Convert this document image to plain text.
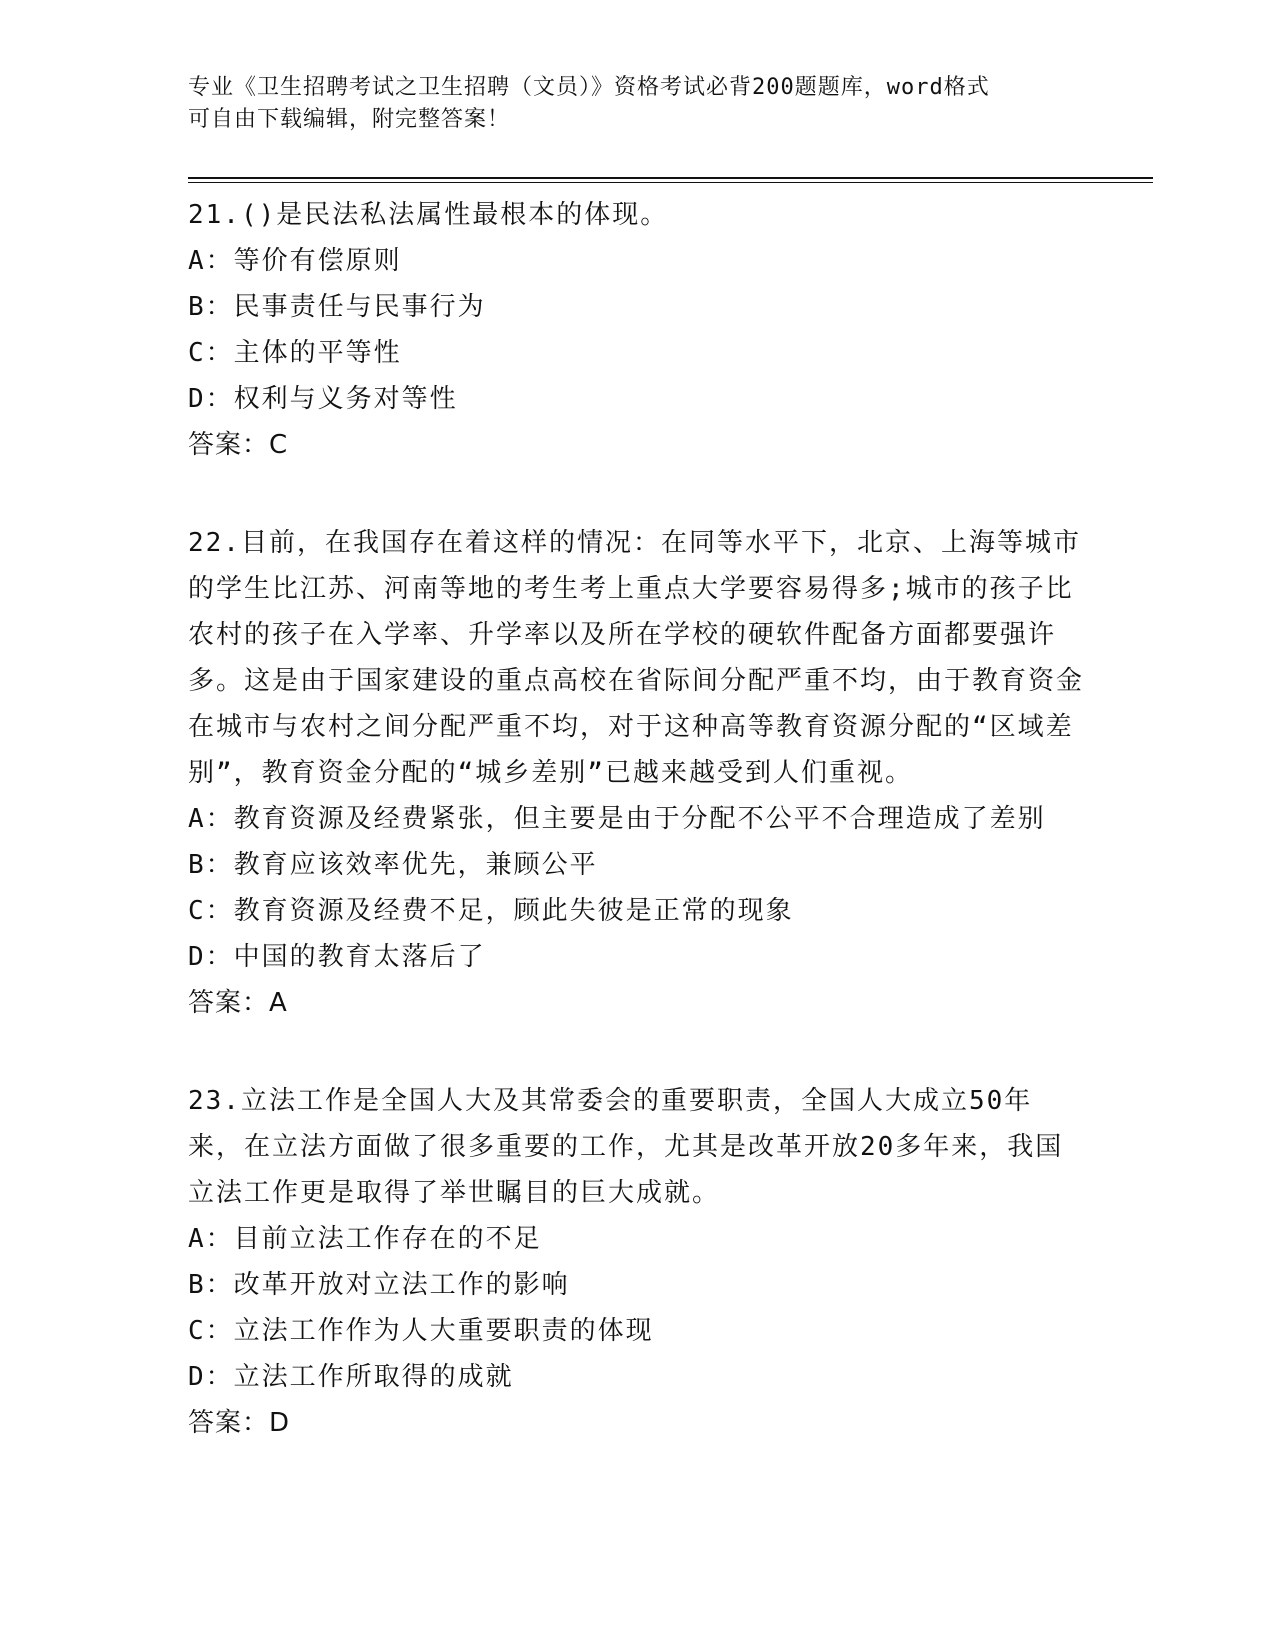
专业《卫生招聘考试之卫生招聘（文员）》资格考试必背200题题库，word格式
可自由下载编辑，附完整答案！

21.()是民法私法属性最根本的体现。

A：等价有偿原则

B：民事责任与民事行为

C：主体的平等性

D：权利与义务对等性

答案：C

22.目前，在我国存在着这样的情况：在同等水平下，北京、上海等城市的学生比江苏、河南等地的考生考上重点大学要容易得多;城市的孩子比农村的孩子在入学率、升学率以及所在学校的硬软件配备方面都要强许多。这是由于国家建设的重点高校在省际间分配严重不均，由于教育资金在城市与农村之间分配严重不均，对于这种高等教育资源分配的“区域差别”，教育资金分配的“城乡差别”已越来越受到人们重视。

A：教育资源及经费紧张，但主要是由于分配不公平不合理造成了差别

B：教育应该效率优先，兼顾公平

C：教育资源及经费不足，顾此失彼是正常的现象

D：中国的教育太落后了

答案：A

23.立法工作是全国人大及其常委会的重要职责，全国人大成立50年来，在立法方面做了很多重要的工作，尤其是改革开放20多年来，我国立法工作更是取得了举世瞩目的巨大成就。

A：目前立法工作存在的不足

B：改革开放对立法工作的影响

C：立法工作作为人大重要职责的体现

D：立法工作所取得的成就

答案：D
